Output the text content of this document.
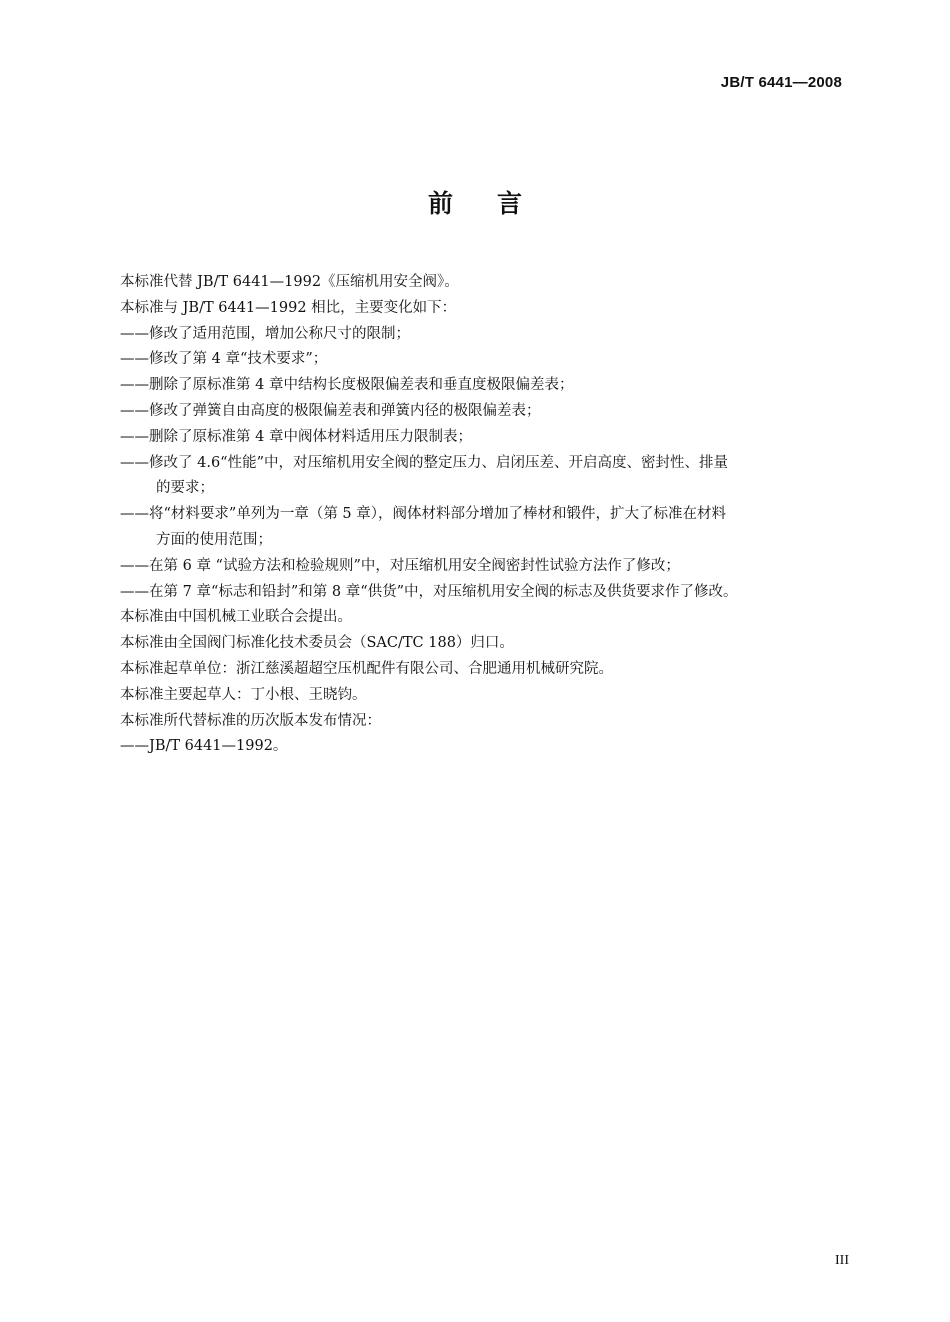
JB/T 6441—2008
前言
本标准代替 JB/T 6441—1992《压缩机用安全阀》。
本标准与 JB/T 6441—1992 相比，主要变化如下：
——修改了适用范围，增加公称尺寸的限制；
——修改了第 4 章“技术要求”；
——删除了原标准第 4 章中结构长度极限偏差表和垂直度极限偏差表；
——修改了弹簧自由高度的极限偏差表和弹簧内径的极限偏差表；
——删除了原标准第 4 章中阀体材料适用压力限制表；
——修改了 4.6“性能”中，对压缩机用安全阀的整定压力、启闭压差、开启高度、密封性、排量
的要求；
——将“材料要求”单列为一章（第 5 章），阀体材料部分增加了棒材和锻件，扩大了标准在材料
方面的使用范围；
——在第 6 章 “试验方法和检验规则”中，对压缩机用安全阀密封性试验方法作了修改；
——在第 7 章“标志和铅封”和第 8 章“供货”中，对压缩机用安全阀的标志及供货要求作了修改。
本标准由中国机械工业联合会提出。
本标准由全国阀门标准化技术委员会（SAC/TC 188）归口。
本标准起草单位：浙江慈溪超超空压机配件有限公司、合肥通用机械研究院。
本标准主要起草人：丁小根、王晓钧。
本标准所代替标准的历次版本发布情况：
——JB/T 6441—1992。
III
